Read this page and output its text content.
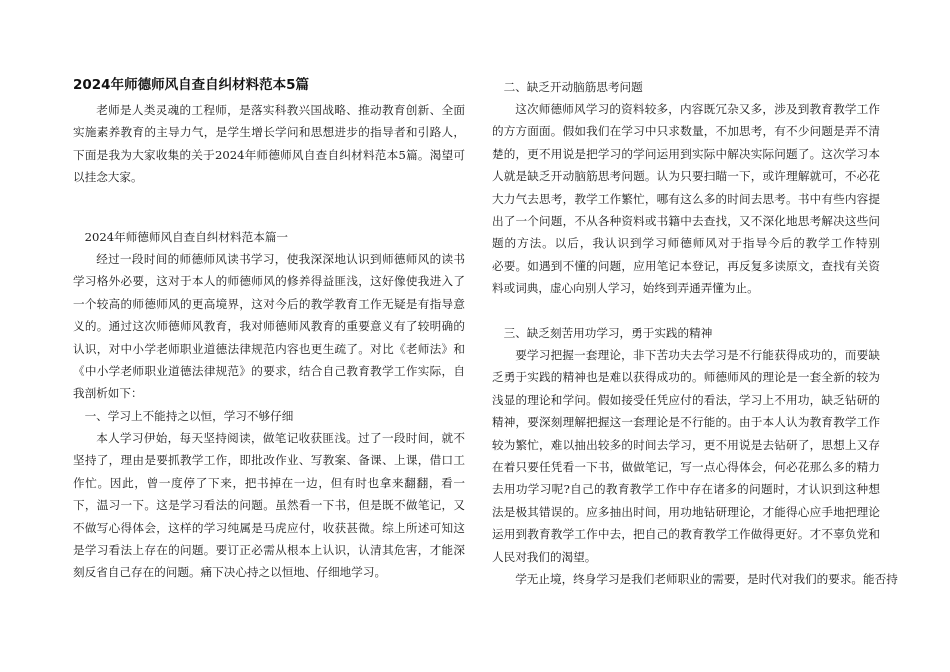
2024年师德师风自查自纠材料范本5篇
老师是人类灵魂的工程师，是落实科教兴国战略、推动教育创新、全面实施素养教育的主导力气，是学生增长学问和思想进步的指导者和引路人，下面是我为大家收集的关于2024年师德师风自查自纠材料范本5篇。渴望可以挂念大家。
2024年师德师风自查自纠材料范本篇一
经过一段时间的师德师风读书学习，使我深深地认识到师德师风的读书学习格外必要，这对于本人的师德师风的修养得益匪浅，这好像使我进入了一个较高的师德师风的更高境界，这对今后的教学教育工作无疑是有指导意义的。通过这次师德师风教育，我对师德师风教育的重要意义有了较明确的认识，对中小学老师职业道德法律规范内容也更生疏了。对比《老师法》和《中小学老师职业道德法律规范》的要求，结合自己教育教学工作实际，自我剖析如下：
一、学习上不能持之以恒，学习不够仔细
本人学习伊始，每天坚持阅读，做笔记收获匪浅。过了一段时间，就不坚持了，理由是要抓教学工作，即批改作业、写教案、备课、上课，借口工作忙。因此，曾一度停了下来，把书掉在一边，但有时也拿来翻翻，看一下，温习一下。这是学习看法的问题。虽然看一下书，但是既不做笔记，又不做写心得体会，这样的学习纯属是马虎应付，收获甚微。综上所述可知这是学习看法上存在的问题。要订正必需从根本上认识，认清其危害，才能深刻反省自己存在的问题。痛下决心持之以恒地、仔细地学习。
二、缺乏开动脑筋思考问题
这次师德师风学习的资料较多，内容既冗杂又多，涉及到教育教学工作的方方面面。假如我们在学习中只求数量，不加思考，有不少问题是弄不清楚的，更不用说是把学习的学问运用到实际中解决实际问题了。这次学习本人就是缺乏开动脑筋思考问题。认为只要扫瞄一下，或许理解就可，不必花大力气去思考，教学工作繁忙，哪有这么多的时间去思考。书中有些内容提出了一个问题，不从各种资料或书籍中去查找，又不深化地思考解决这些问题的方法。以后，我认识到学习师德师风对于指导今后的教学工作特别　　必要。如遇到不懂的问题，应用笔记本登记，再反复多读原文，查找有关资料或词典，虚心向别人学习，始终到弄通弄懂为止。
三、缺乏刻苦用功学习，勇于实践的精神
要学习把握一套理论，非下苦功夫去学习是不行能获得成功的，而要缺乏勇于实践的精神也是难以获得成功的。师德师风的理论是一套全新的较为浅显的理论和学问。假如接受任凭应付的看法，学习上不用功，缺乏钻研的精神，要深刻理解把握这一套理论是不行能的。由于本人认为教育教学工作较为繁忙，难以抽出较多的时间去学习，更不用说是去钻研了，思想上又存在着只要任凭看一下书，做做笔记，写一点心得体会，何必花那么多的精力去用功学习呢?自己的教育教学工作中存在诸多的问题时，才认识到这种想法是极其错误的。应多抽出时间，用功地钻研理论，才能得心应手地把理论运用到教育教学工作中去，把自己的教育教学工作做得更好。才不辜负党和人民对我们的渴望。
学无止境，终身学习是我们老师职业的需要，是时代对我们的要求。能否持
